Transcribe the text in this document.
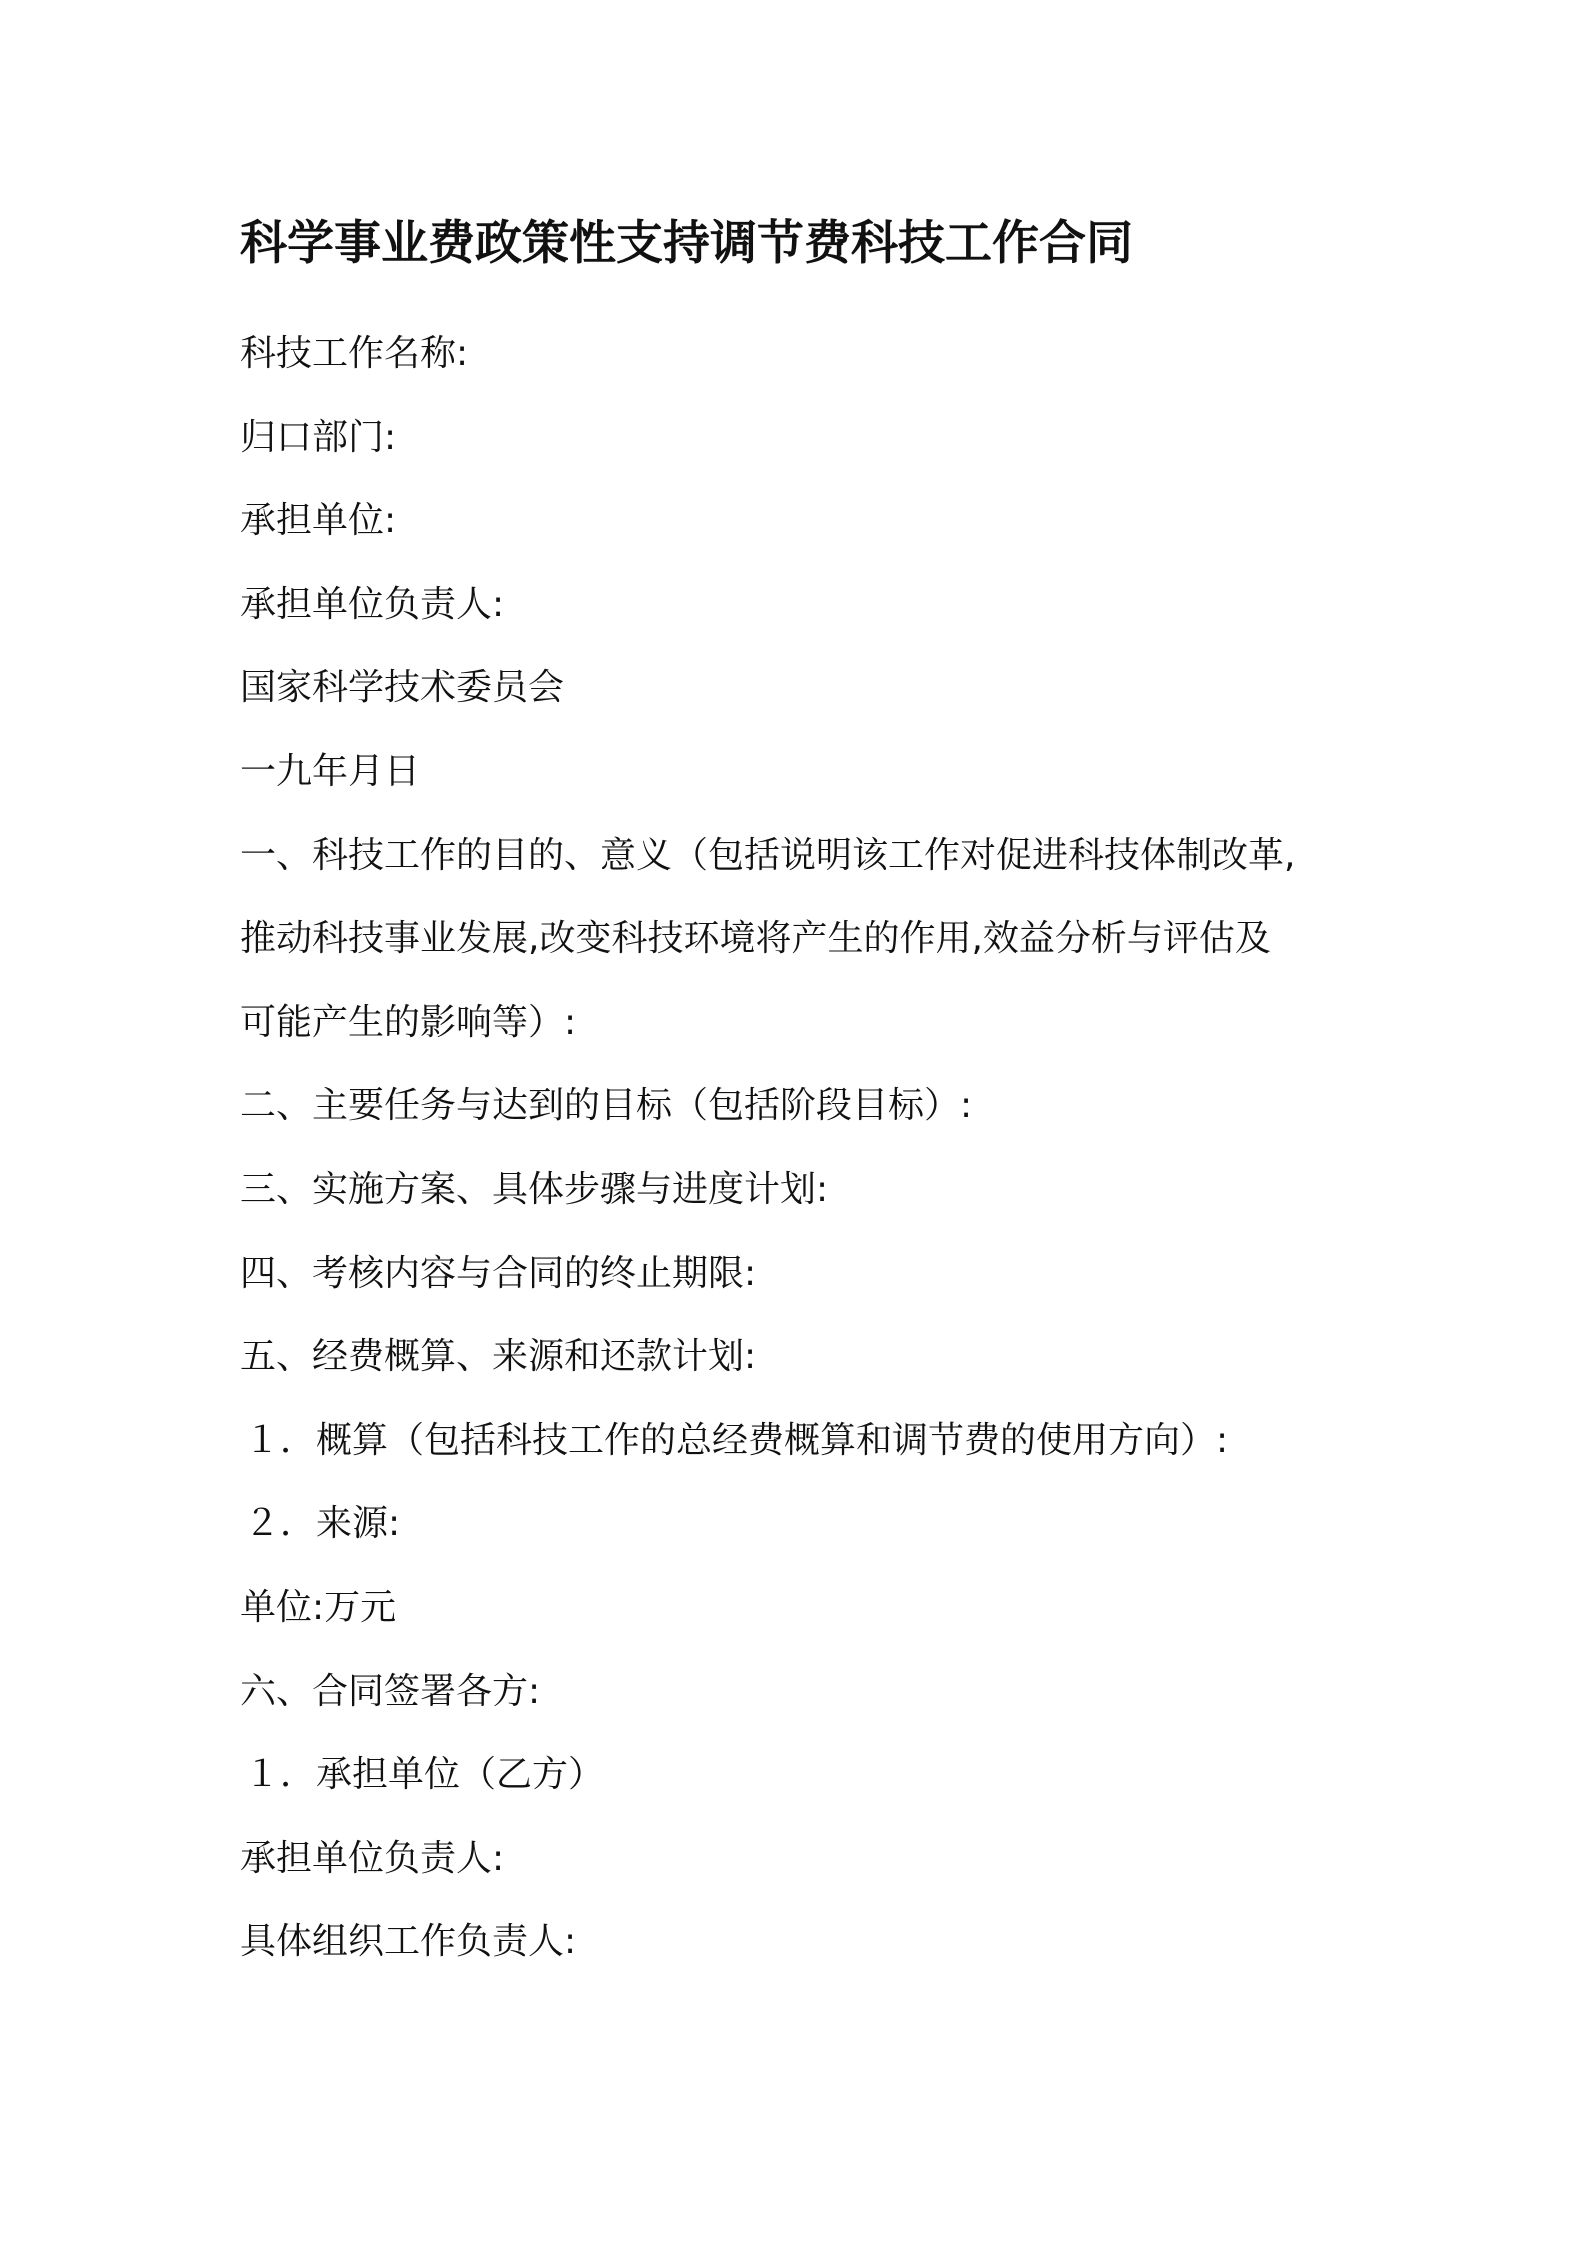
科学事业费政策性支持调节费科技工作合同
科技工作名称:
归口部门:
承担单位:
承担单位负责人:
国家科学技术委员会
一九年月日
一、科技工作的目的、意义（包括说明该工作对促进科技体制改革,
推动科技事业发展,改变科技环境将产生的作用,效益分析与评估及
可能产生的影响等）:
二、主要任务与达到的目标（包括阶段目标）:
三、实施方案、具体步骤与进度计划:
四、考核内容与合同的终止期限:
五、经费概算、来源和还款计划:
１．概算（包括科技工作的总经费概算和调节费的使用方向）:
２．来源:
单位:万元
六、合同签署各方:
１．承担单位（乙方）
承担单位负责人:
具体组织工作负责人:
